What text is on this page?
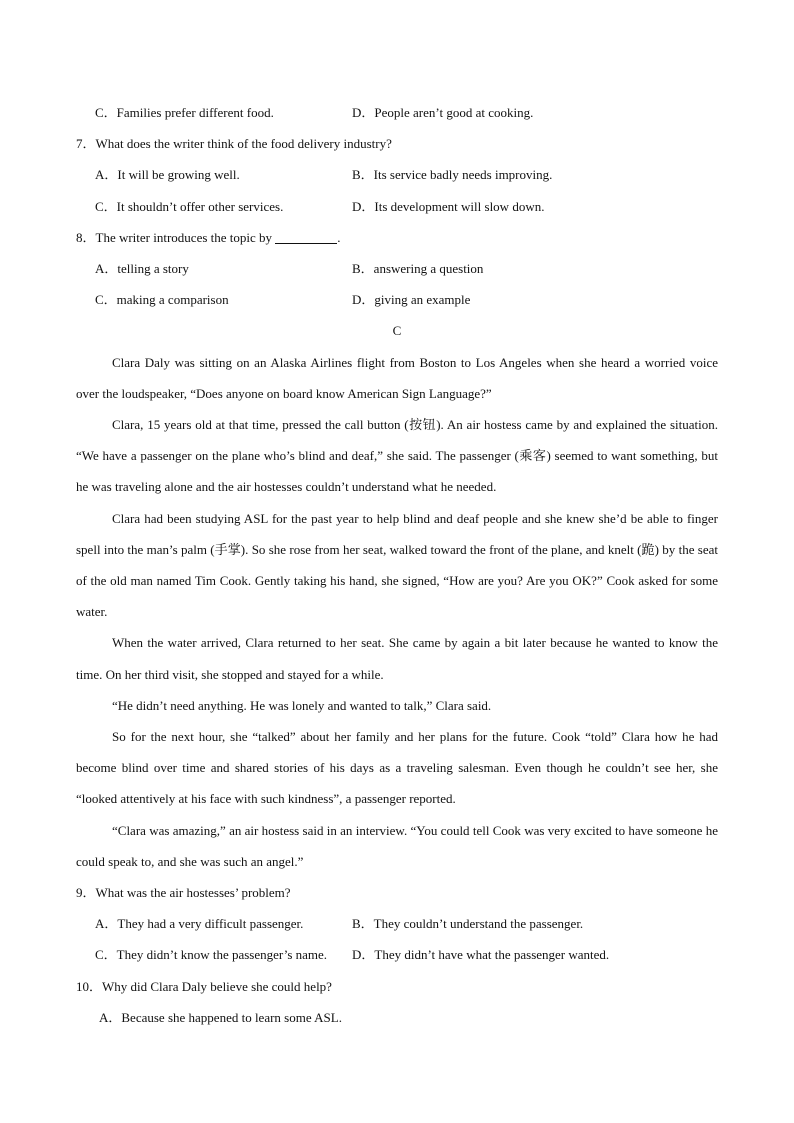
C．Families prefer different food.	D．People aren’t good at cooking.
7．What does the writer think of the food delivery industry?
A．It will be growing well.	B．Its service badly needs improving.
C．It shouldn’t offer other services.	D．Its development will slow down.
8．The writer introduces the topic by	.
A．telling a story	B．answering a question
C．making a comparison	D．giving an example
C
Clara Daly was sitting on an Alaska Airlines flight from Boston to Los Angeles when she heard a worried voice over the loudspeaker, “Does anyone on board know American Sign Language?”
Clara, 15 years old at that time, pressed the call button (按钮). An air hostess came by and explained the situation. “We have a passenger on the plane who’s blind and deaf,” she said. The passenger (乘客) seemed to want something, but he was traveling alone and the air hostesses couldn’t understand what he needed.
Clara had been studying ASL for the past year to help blind and deaf people and she knew she’d be able to finger spell into the man’s palm (手掌). So she rose from her seat, walked toward the front of the plane, and knelt (跪) by the seat of the old man named Tim Cook. Gently taking his hand, she signed, “How are you? Are you OK?” Cook asked for some water.
When the water arrived, Clara returned to her seat. She came by again a bit later because he wanted to know the time. On her third visit, she stopped and stayed for a while.
“He didn’t need anything. He was lonely and wanted to talk,” Clara said.
So for the next hour, she “talked” about her family and her plans for the future. Cook “told” Clara how he had become blind over time and shared stories of his days as a traveling salesman. Even though he couldn’t see her, she “looked attentively at his face with such kindness”, a passenger reported.
“Clara was amazing,” an air hostess said in an interview. “You could tell Cook was very excited to have someone he could speak to, and she was such an angel.”
9．What was the air hostesses’ problem?
A．They had a very difficult passenger.	B．They couldn’t understand the passenger.
C．They didn’t know the passenger’s name.	D．They didn’t have what the passenger wanted.
10．Why did Clara Daly believe she could help?
A．Because she happened to learn some ASL.
